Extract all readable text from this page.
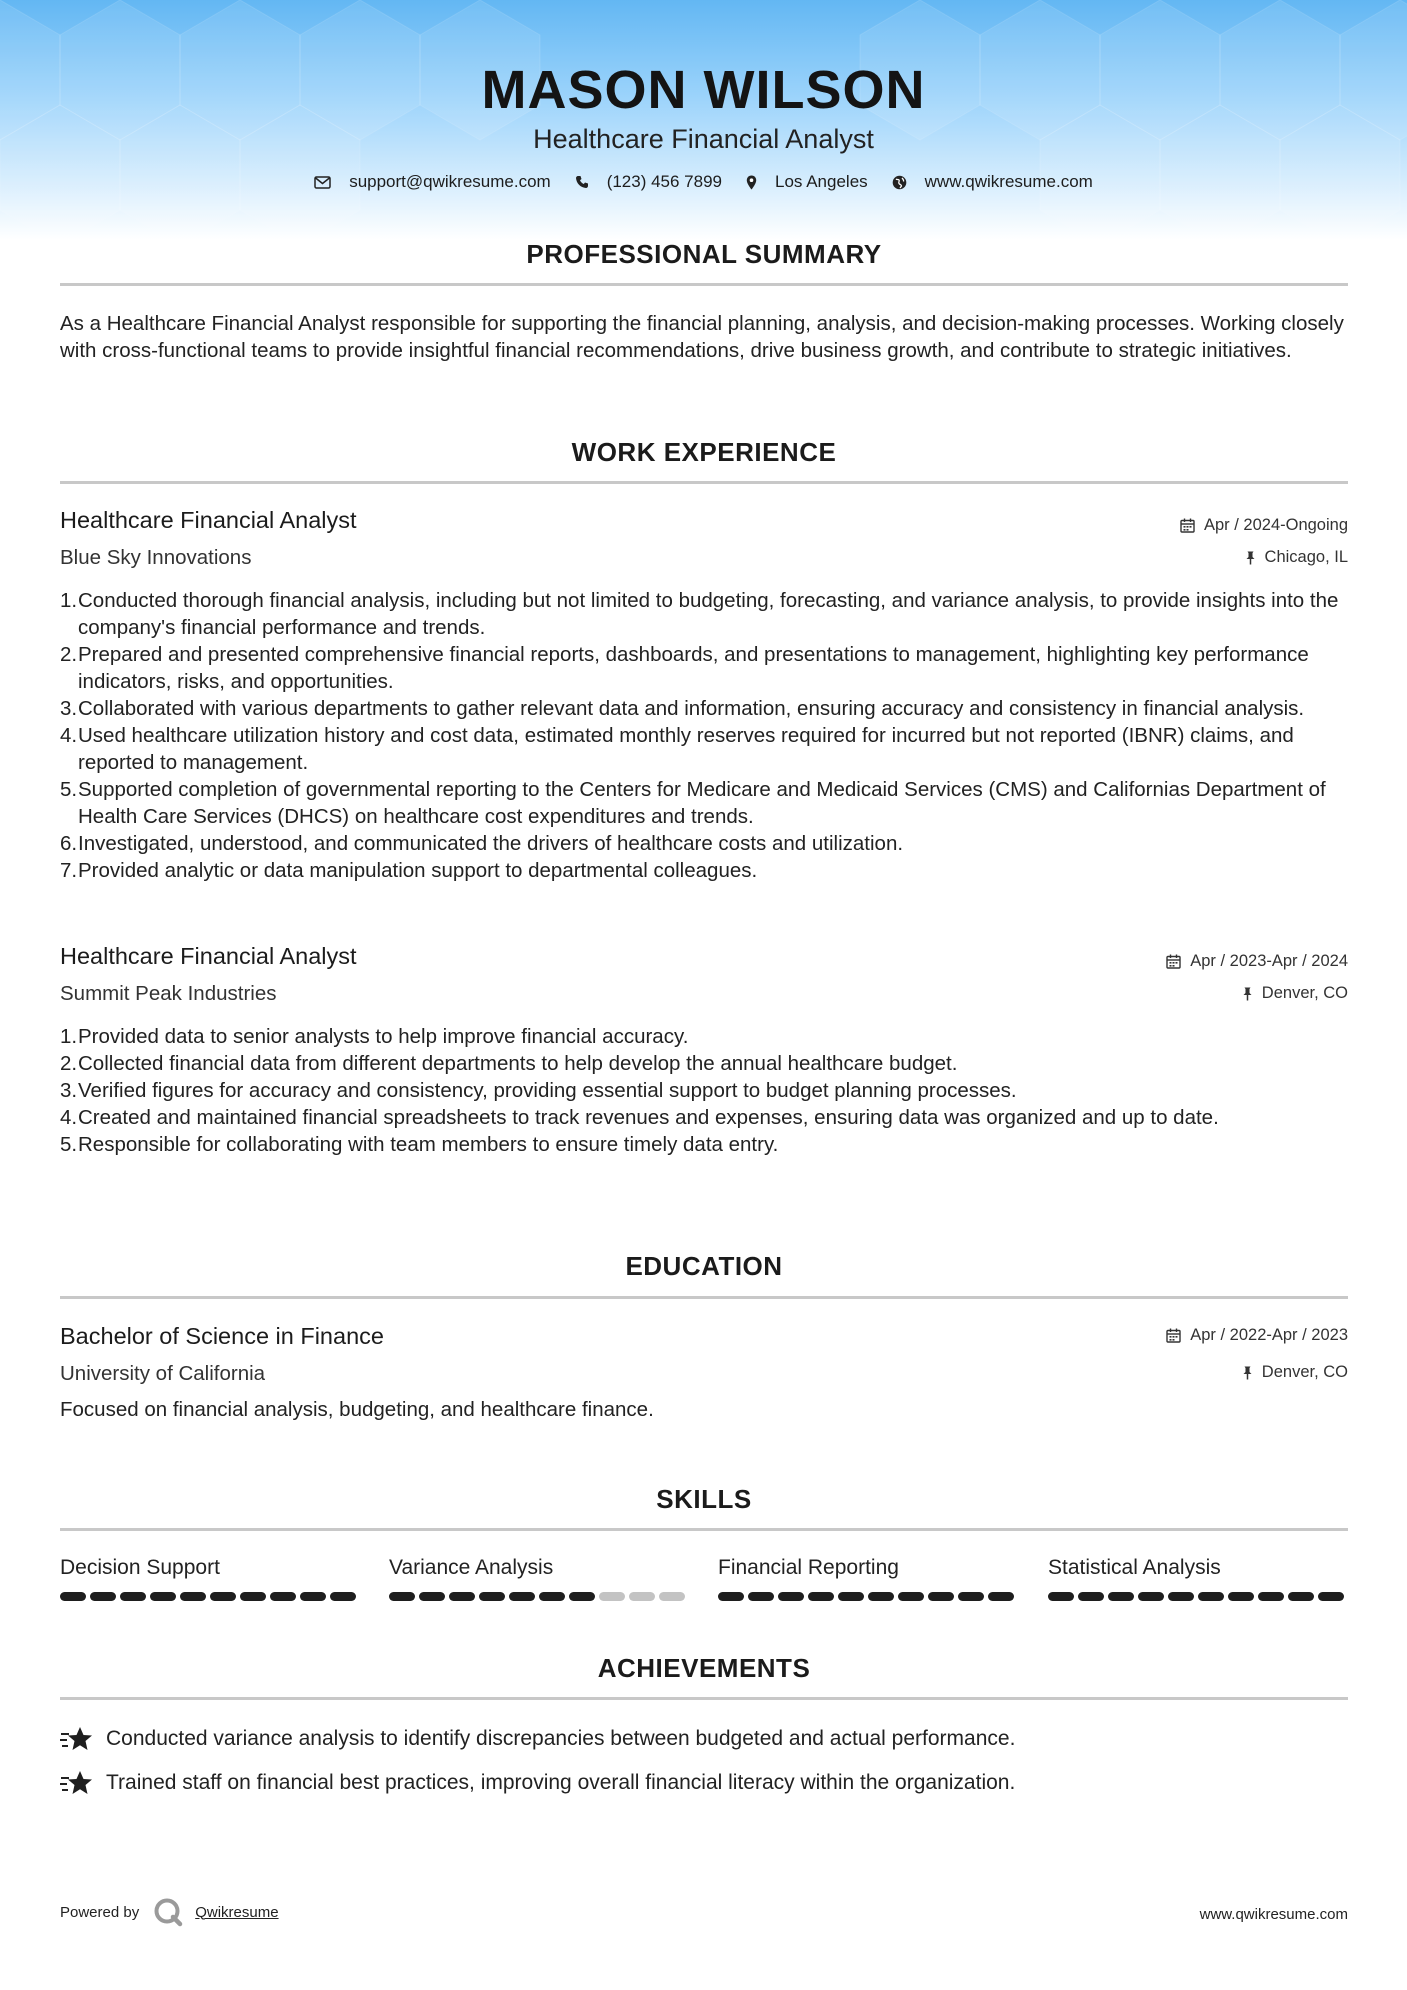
MASON WILSON
Healthcare Financial Analyst
support@qwikresume.com	(123) 456 7899	Los Angeles	www.qwikresume.com
PROFESSIONAL SUMMARY
As a Healthcare Financial Analyst responsible for supporting the financial planning, analysis, and decision-making processes. Working closely with cross-functional teams to provide insightful financial recommendations, drive business growth, and contribute to strategic initiatives.
WORK EXPERIENCE
Healthcare Financial Analyst	Apr / 2024-Ongoing
Blue Sky Innovations	Chicago, IL
Conducted thorough financial analysis, including but not limited to budgeting, forecasting, and variance analysis, to provide insights into the company's financial performance and trends.
Prepared and presented comprehensive financial reports, dashboards, and presentations to management, highlighting key performance indicators, risks, and opportunities.
Collaborated with various departments to gather relevant data and information, ensuring accuracy and consistency in financial analysis.
Used healthcare utilization history and cost data, estimated monthly reserves required for incurred but not reported (IBNR) claims, and reported to management.
Supported completion of governmental reporting to the Centers for Medicare and Medicaid Services (CMS) and Californias Department of Health Care Services (DHCS) on healthcare cost expenditures and trends.
Investigated, understood, and communicated the drivers of healthcare costs and utilization.
Provided analytic or data manipulation support to departmental colleagues.
Healthcare Financial Analyst	Apr / 2023-Apr / 2024
Summit Peak Industries	Denver, CO
Provided data to senior analysts to help improve financial accuracy.
Collected financial data from different departments to help develop the annual healthcare budget.
Verified figures for accuracy and consistency, providing essential support to budget planning processes.
Created and maintained financial spreadsheets to track revenues and expenses, ensuring data was organized and up to date.
Responsible for collaborating with team members to ensure timely data entry.
EDUCATION
Bachelor of Science in Finance	Apr / 2022-Apr / 2023
University of California	Denver, CO
Focused on financial analysis, budgeting, and healthcare finance.
SKILLS
Decision Support	Variance Analysis	Financial Reporting	Statistical Analysis
ACHIEVEMENTS
Conducted variance analysis to identify discrepancies between budgeted and actual performance.
Trained staff on financial best practices, improving overall financial literacy within the organization.
Powered by	Qwikresume	www.qwikresume.com
